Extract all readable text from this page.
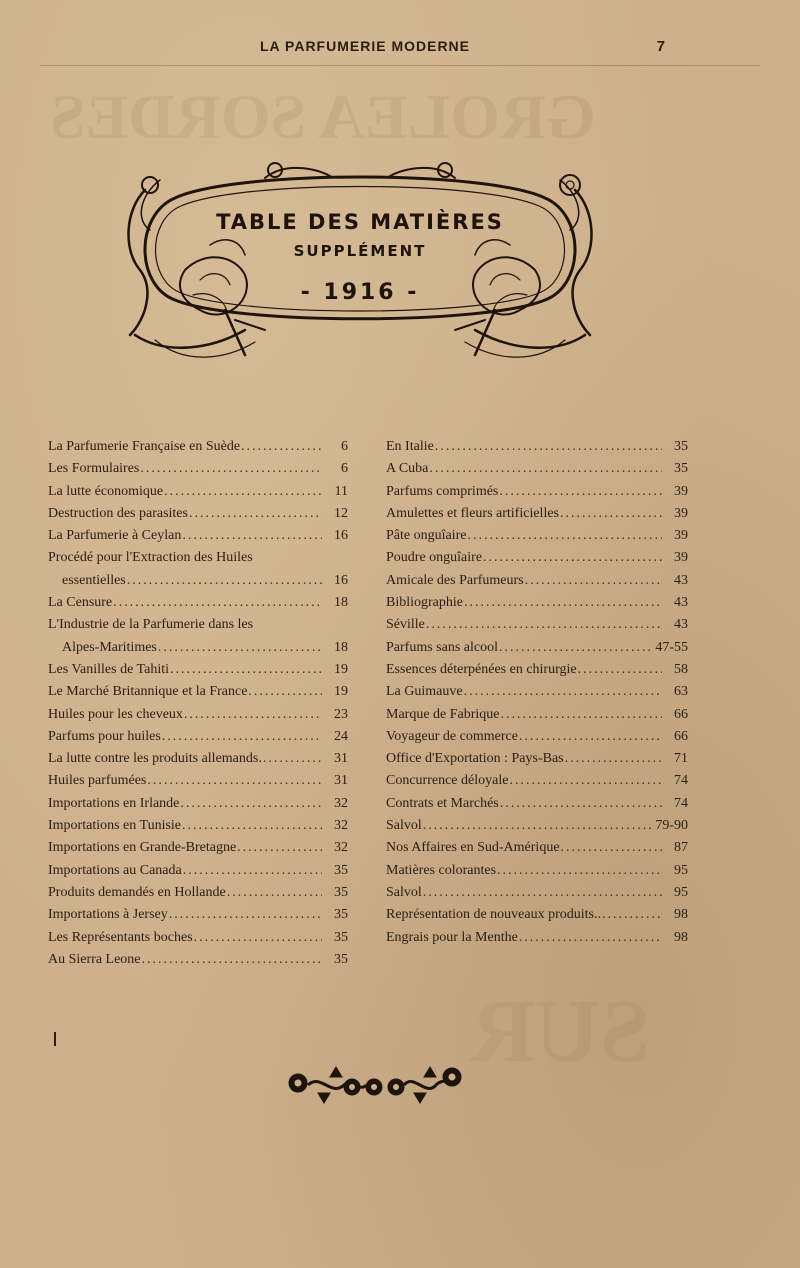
GROLEA SORDES
SUR
LA PARFUMERIE MODERNE	7
TABLE DES MATIÈRES
SUPPLÉMENT
- 1916 -
La Parfumerie Française en Suède .....	6
Les Formulaires .....	6
La lutte économique .....	11
Destruction des parasites .....	12
La Parfumerie à Ceylan .....	16
Procédé pour l'Extraction des Huiles
essentielles .....	16
La Censure .....	18
L'Industrie de la Parfumerie dans les
Alpes-Maritimes .....	18
Les Vanilles de Tahiti .....	19
Le Marché Britannique et la France .....	19
Huiles pour les cheveux .....	23
Parfums pour huiles .....	24
La lutte contre les produits allemands. .....	31
Huiles parfumées .....	31
Importations en Irlande .....	32
Importations en Tunisie .....	32
Importations en Grande-Bretagne .....	32
Importations au Canada .....	35
Produits demandés en Hollande .....	35
Importations à Jersey .....	35
Les Représentants boches .....	35
Au Sierra Leone .....	35
En Italie .....	35
A Cuba .....	35
Parfums comprimés .....	39
Amulettes et fleurs artificielles .....	39
Pâte onguîaire .....	39
Poudre onguîaire .....	39
Amicale des Parfumeurs .....	43
Bibliographie .....	43
Séville .....	43
Parfums sans alcool .....	47-55
Essences déterpénées en chirurgie .....	58
La Guimauve .....	63
Marque de Fabrique .....	66
Voyageur de commerce .....	66
Office d'Exportation : Pays-Bas .....	71
Concurrence déloyale .....	74
Contrats et Marchés .....	74
Salvol .....	79-90
Nos Affaires en Sud-Amérique .....	87
Matières colorantes .....	95
Salvol .....	95
Représentation de nouveaux produits.. .....	98
Engrais pour la Menthe .....	98
